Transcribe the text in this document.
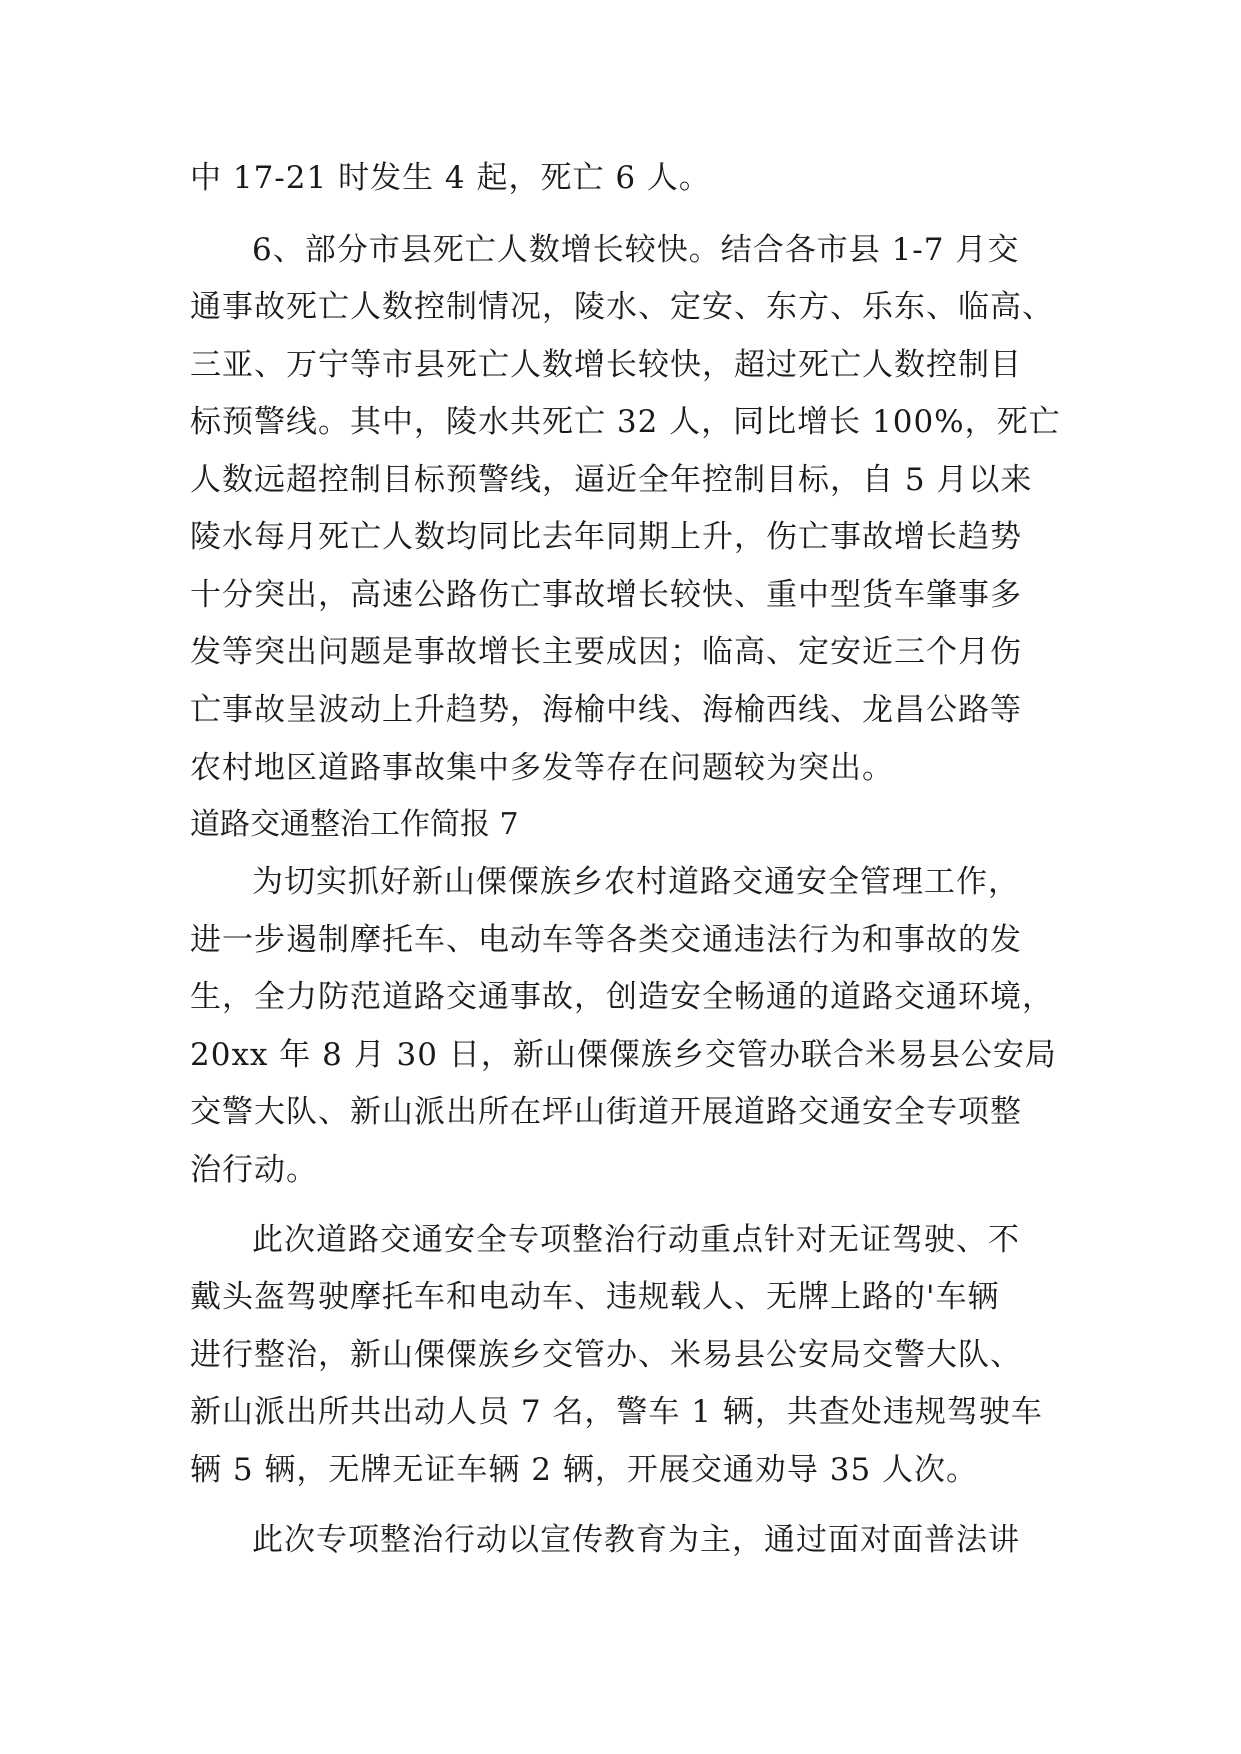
中 17-21 时发生 4 起，死亡 6 人。
6、部分市县死亡人数增长较快。结合各市县 1-7 月交
通事故死亡人数控制情况，陵水、定安、东方、乐东、临高、
三亚、万宁等市县死亡人数增长较快，超过死亡人数控制目
标预警线。其中，陵水共死亡 32 人，同比增长 100%，死亡
人数远超控制目标预警线，逼近全年控制目标，自 5 月以来
陵水每月死亡人数均同比去年同期上升，伤亡事故增长趋势
十分突出，高速公路伤亡事故增长较快、重中型货车肇事多
发等突出问题是事故增长主要成因；临高、定安近三个月伤
亡事故呈波动上升趋势，海榆中线、海榆西线、龙昌公路等
农村地区道路事故集中多发等存在问题较为突出。
道路交通整治工作简报 7
为切实抓好新山傈僳族乡农村道路交通安全管理工作，
进一步遏制摩托车、电动车等各类交通违法行为和事故的发
生，全力防范道路交通事故，创造安全畅通的道路交通环境，
20xx 年 8 月 30 日，新山傈僳族乡交管办联合米易县公安局
交警大队、新山派出所在坪山街道开展道路交通安全专项整
治行动。
此次道路交通安全专项整治行动重点针对无证驾驶、不
戴头盔驾驶摩托车和电动车、违规载人、无牌上路的'车辆
进行整治，新山傈僳族乡交管办、米易县公安局交警大队、
新山派出所共出动人员 7 名，警车 1 辆，共查处违规驾驶车
辆 5 辆，无牌无证车辆 2 辆，开展交通劝导 35 人次。
此次专项整治行动以宣传教育为主，通过面对面普法讲
